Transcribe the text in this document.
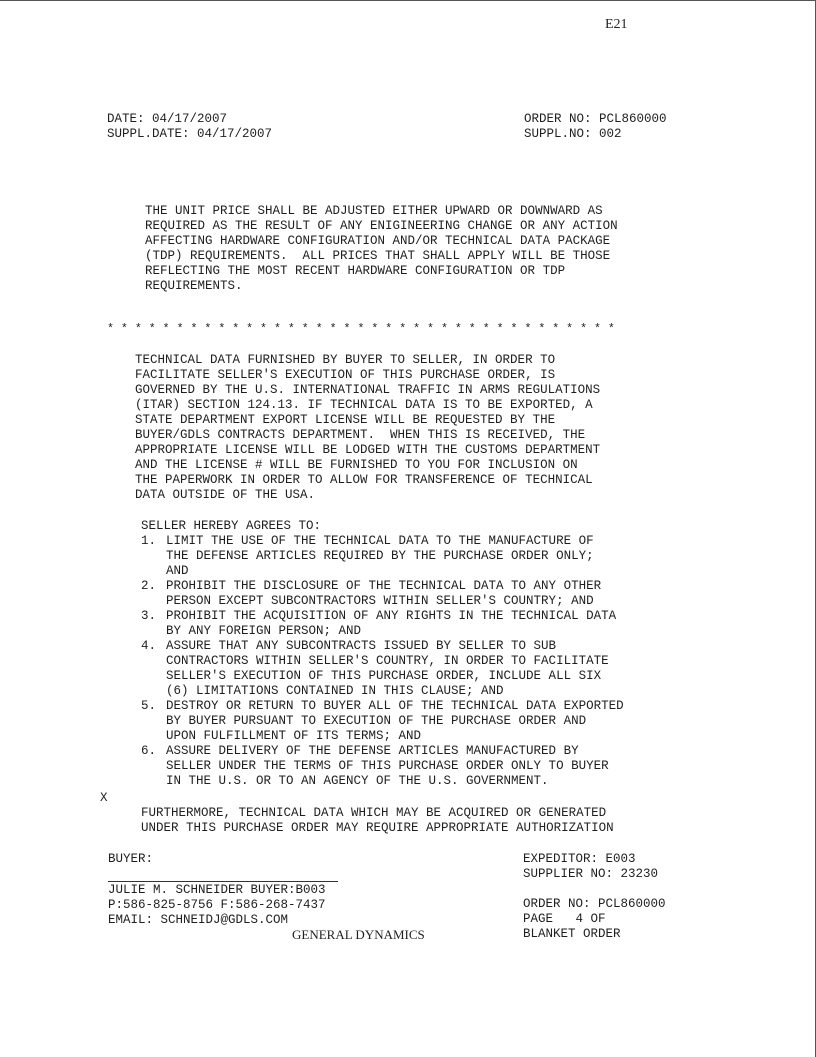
E21
DATE: 04/17/2007
SUPPL.DATE: 04/17/2007
ORDER NO: PCL860000
SUPPL.NO: 002
THE UNIT PRICE SHALL BE ADJUSTED EITHER UPWARD OR DOWNWARD AS
REQUIRED AS THE RESULT OF ANY ENIGINEERING CHANGE OR ANY ACTION
AFFECTING HARDWARE CONFIGURATION AND/OR TECHNICAL DATA PACKAGE
(TDP) REQUIREMENTS.  ALL PRICES THAT SHALL APPLY WILL BE THOSE
REFLECTING THE MOST RECENT HARDWARE CONFIGURATION OR TDP
REQUIREMENTS.
* * * * * * * * * * * * * * * * * * * * * * * * * * * * * * * * * * * * *
TECHNICAL DATA FURNISHED BY BUYER TO SELLER, IN ORDER TO
FACILITATE SELLER'S EXECUTION OF THIS PURCHASE ORDER, IS
GOVERNED BY THE U.S. INTERNATIONAL TRAFFIC IN ARMS REGULATIONS
(ITAR) SECTION 124.13. IF TECHNICAL DATA IS TO BE EXPORTED, A
STATE DEPARTMENT EXPORT LICENSE WILL BE REQUESTED BY THE
BUYER/GDLS CONTRACTS DEPARTMENT.  WHEN THIS IS RECEIVED, THE
APPROPRIATE LICENSE WILL BE LODGED WITH THE CUSTOMS DEPARTMENT
AND THE LICENSE # WILL BE FURNISHED TO YOU FOR INCLUSION ON
THE PAPERWORK IN ORDER TO ALLOW FOR TRANSFERENCE OF TECHNICAL
DATA OUTSIDE OF THE USA.
SELLER HEREBY AGREES TO:
1. LIMIT THE USE OF THE TECHNICAL DATA TO THE MANUFACTURE OF
THE DEFENSE ARTICLES REQUIRED BY THE PURCHASE ORDER ONLY;
AND
2. PROHIBIT THE DISCLOSURE OF THE TECHNICAL DATA TO ANY OTHER
PERSON EXCEPT SUBCONTRACTORS WITHIN SELLER'S COUNTRY; AND
3. PROHIBIT THE ACQUISITION OF ANY RIGHTS IN THE TECHNICAL DATA
BY ANY FOREIGN PERSON; AND
4. ASSURE THAT ANY SUBCONTRACTS ISSUED BY SELLER TO SUB
CONTRACTORS WITHIN SELLER'S COUNTRY, IN ORDER TO FACILITATE
SELLER'S EXECUTION OF THIS PURCHASE ORDER, INCLUDE ALL SIX
(6) LIMITATIONS CONTAINED IN THIS CLAUSE; AND
5. DESTROY OR RETURN TO BUYER ALL OF THE TECHNICAL DATA EXPORTED
BY BUYER PURSUANT TO EXECUTION OF THE PURCHASE ORDER AND
UPON FULFILLMENT OF ITS TERMS; AND
6. ASSURE DELIVERY OF THE DEFENSE ARTICLES MANUFACTURED BY
SELLER UNDER THE TERMS OF THIS PURCHASE ORDER ONLY TO BUYER
IN THE U.S. OR TO AN AGENCY OF THE U.S. GOVERNMENT.
X
FURTHERMORE, TECHNICAL DATA WHICH MAY BE ACQUIRED OR GENERATED
UNDER THIS PURCHASE ORDER MAY REQUIRE APPROPRIATE AUTHORIZATION
BUYER:
JULIE M. SCHNEIDER BUYER:B003
P:586-825-8756 F:586-268-7437
EMAIL: SCHNEIDJ@GDLS.COM
GENERAL DYNAMICS
EXPEDITOR: E003
SUPPLIER NO: 23230
ORDER NO: PCL860000
PAGE   4 OF
BLANKET ORDER
